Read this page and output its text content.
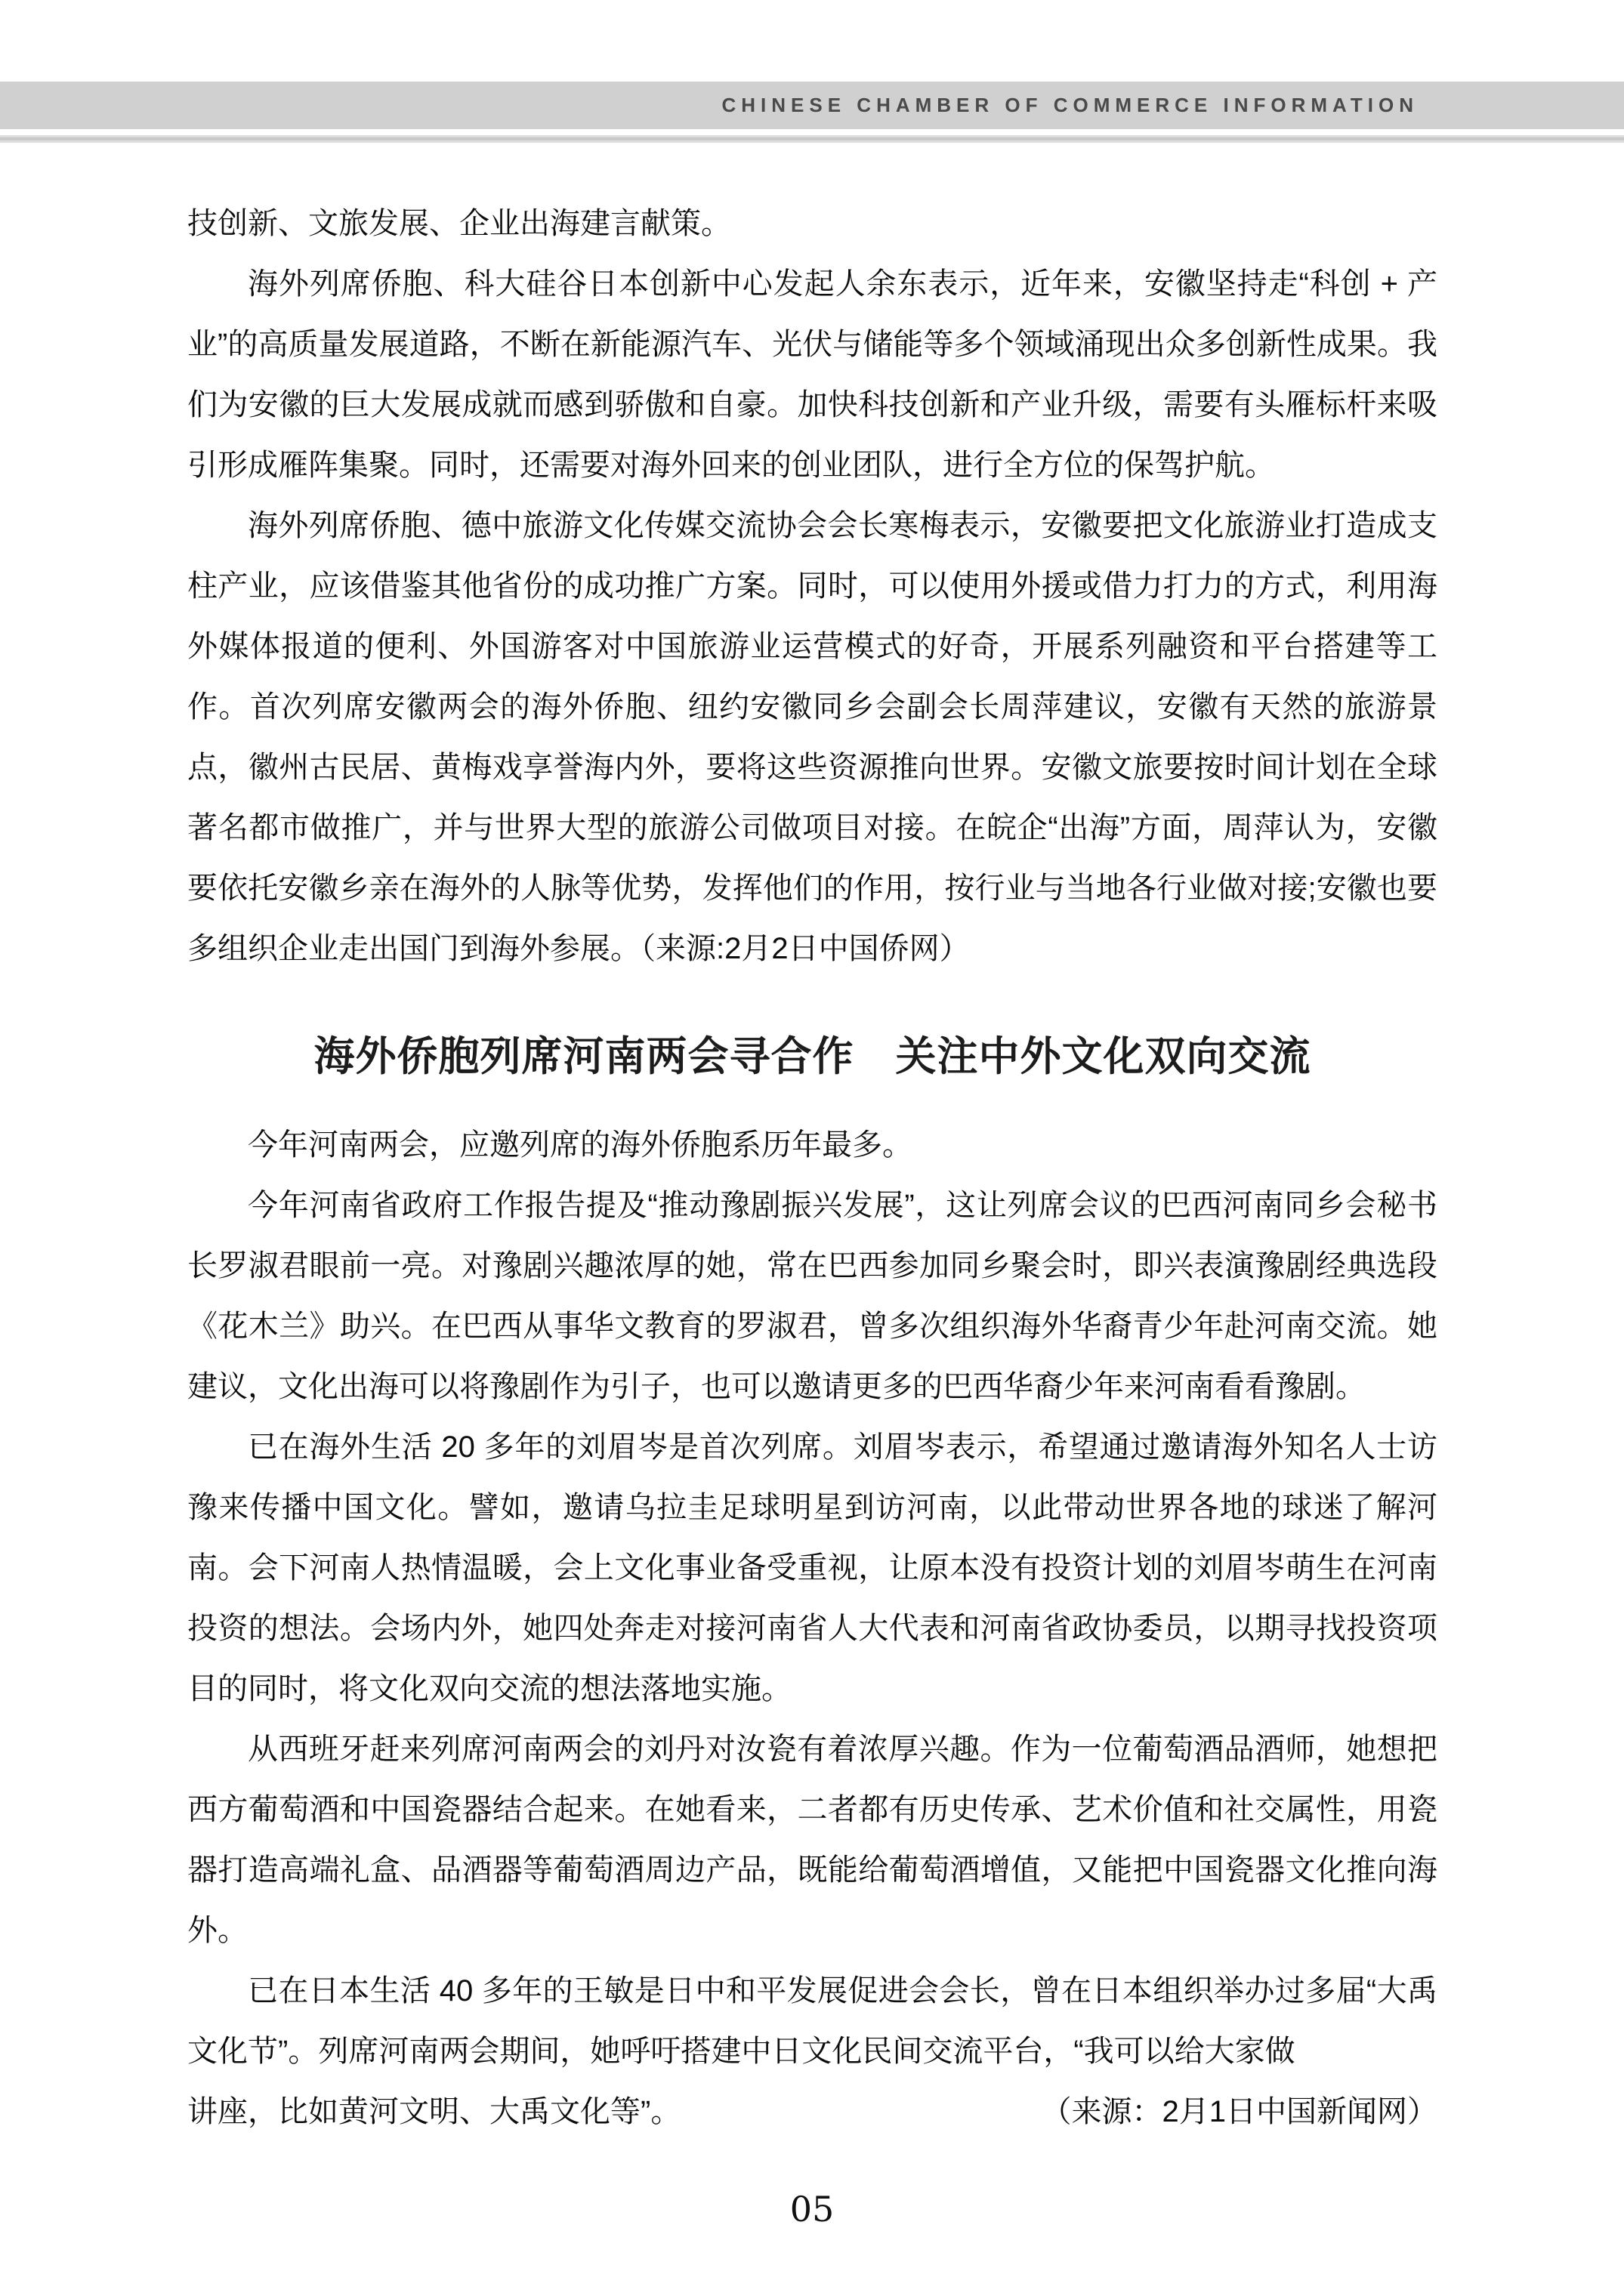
CHINESE CHAMBER OF COMMERCE INFORMATION

技创新、文旅发展、企业出海建言献策。

海外列席侨胞、科大硅谷日本创新中心发起人余东表示，近年来，安徽坚持走“科创 + 产业”的高质量发展道路，不断在新能源汽车、光伏与储能等多个领域涌现出众多创新性成果。我们为安徽的巨大发展成就而感到骄傲和自豪。加快科技创新和产业升级，需要有头雁标杆来吸引形成雁阵集聚。同时，还需要对海外回来的创业团队，进行全方位的保驾护航。

海外列席侨胞、德中旅游文化传媒交流协会会长寒梅表示，安徽要把文化旅游业打造成支柱产业，应该借鉴其他省份的成功推广方案。同时，可以使用外援或借力打力的方式，利用海外媒体报道的便利、外国游客对中国旅游业运营模式的好奇，开展系列融资和平台搭建等工作。首次列席安徽两会的海外侨胞、纽约安徽同乡会副会长周萍建议，安徽有天然的旅游景点，徽州古民居、黄梅戏享誉海内外，要将这些资源推向世界。安徽文旅要按时间计划在全球著名都市做推广，并与世界大型的旅游公司做项目对接。在皖企“出海”方面，周萍认为，安徽要依托安徽乡亲在海外的人脉等优势，发挥他们的作用，按行业与当地各行业做对接;安徽也要多组织企业走出国门到海外参展。（来源:2月2日中国侨网）

海外侨胞列席河南两会寻合作　关注中外文化双向交流

今年河南两会，应邀列席的海外侨胞系历年最多。

今年河南省政府工作报告提及“推动豫剧振兴发展”，这让列席会议的巴西河南同乡会秘书长罗淑君眼前一亮。对豫剧兴趣浓厚的她，常在巴西参加同乡聚会时，即兴表演豫剧经典选段《花木兰》助兴。在巴西从事华文教育的罗淑君，曾多次组织海外华裔青少年赴河南交流。她建议，文化出海可以将豫剧作为引子，也可以邀请更多的巴西华裔少年来河南看看豫剧。

已在海外生活 20 多年的刘眉岑是首次列席。刘眉岑表示，希望通过邀请海外知名人士访豫来传播中国文化。譬如，邀请乌拉圭足球明星到访河南，以此带动世界各地的球迷了解河南。会下河南人热情温暖，会上文化事业备受重视，让原本没有投资计划的刘眉岑萌生在河南投资的想法。会场内外，她四处奔走对接河南省人大代表和河南省政协委员，以期寻找投资项目的同时，将文化双向交流的想法落地实施。

从西班牙赶来列席河南两会的刘丹对汝瓷有着浓厚兴趣。作为一位葡萄酒品酒师，她想把西方葡萄酒和中国瓷器结合起来。在她看来，二者都有历史传承、艺术价值和社交属性，用瓷器打造高端礼盒、品酒器等葡萄酒周边产品，既能给葡萄酒增值，又能把中国瓷器文化推向海外。

已在日本生活 40 多年的王敏是日中和平发展促进会会长，曾在日本组织举办过多届“大禹文化节”。列席河南两会期间，她呼吁搭建中日文化民间交流平台，“我可以给大家做

讲座，比如黄河文明、大禹文化等”。	（来源：2月1日中国新闻网）
05
